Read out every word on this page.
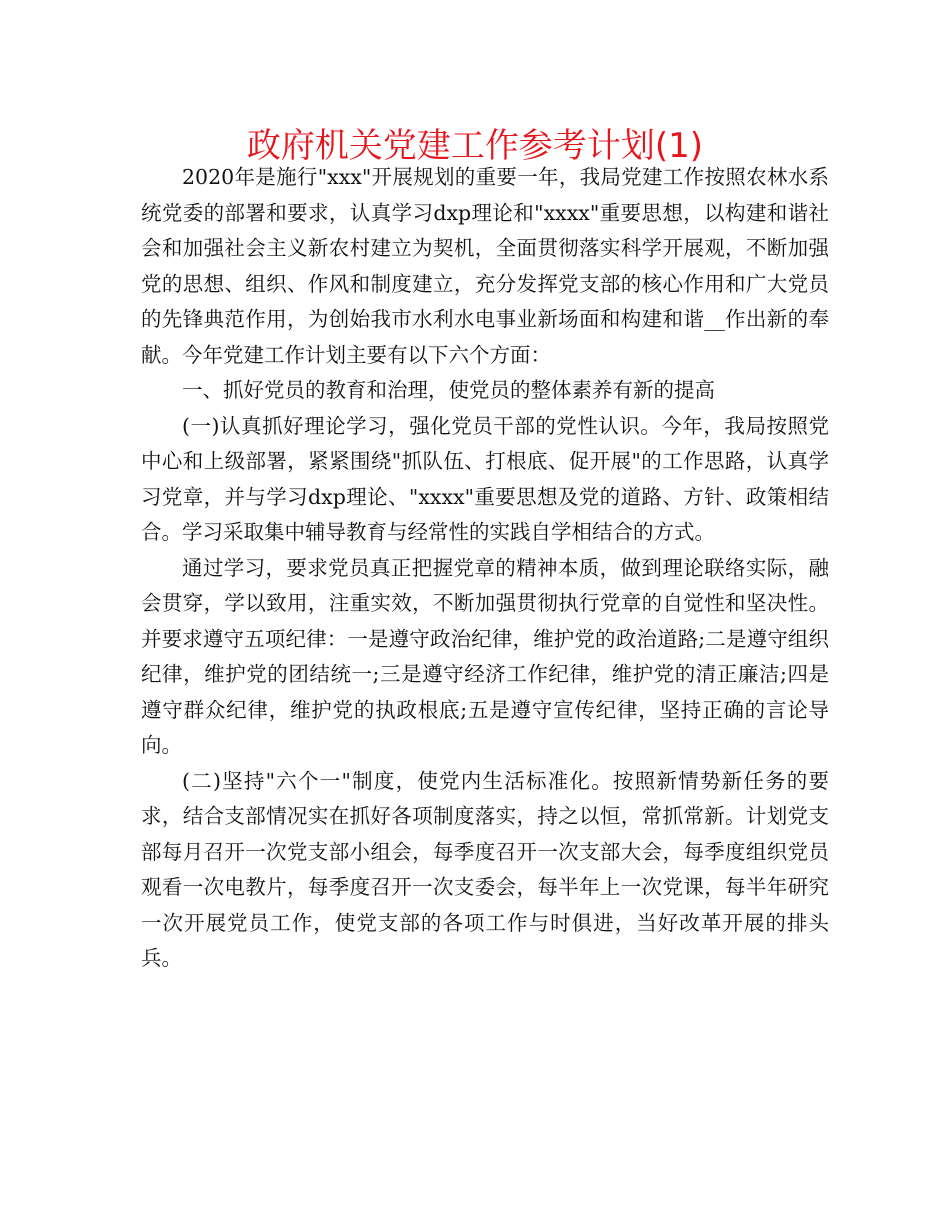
政府机关党建工作参考计划(1)

2020年是施行"xxx"开展规划的重要一年，我局党建工作按照农林水系统党委的部署和要求，认真学习dxp理论和"xxxx"重要思想，以构建和谐社会和加强社会主义新农村建立为契机，全面贯彻落实科学开展观，不断加强党的思想、组织、作风和制度建立，充分发挥党支部的核心作用和广大党员的先锋典范作用，为创始我市水利水电事业新场面和构建和谐__作出新的奉献。今年党建工作计划主要有以下六个方面：

一、抓好党员的教育和治理，使党员的整体素养有新的提高

(一)认真抓好理论学习，强化党员干部的党性认识。今年，我局按照党中心和上级部署，紧紧围绕"抓队伍、打根底、促开展"的工作思路，认真学习党章，并与学习dxp理论、"xxxx"重要思想及党的道路、方针、政策相结合。学习采取集中辅导教育与经常性的实践自学相结合的方式。

通过学习，要求党员真正把握党章的精神本质，做到理论联络实际，融会贯穿，学以致用，注重实效，不断加强贯彻执行党章的自觉性和坚决性。并要求遵守五项纪律：一是遵守政治纪律，维护党的政治道路;二是遵守组织纪律，维护党的团结统一;三是遵守经济工作纪律，维护党的清正廉洁;四是遵守群众纪律，维护党的执政根底;五是遵守宣传纪律，坚持正确的言论导向。

(二)坚持"六个一"制度，使党内生活标准化。按照新情势新任务的要求，结合支部情况实在抓好各项制度落实，持之以恒，常抓常新。计划党支部每月召开一次党支部小组会，每季度召开一次支部大会，每季度组织党员观看一次电教片，每季度召开一次支委会，每半年上一次党课，每半年研究一次开展党员工作，使党支部的各项工作与时俱进，当好改革开展的排头兵。
